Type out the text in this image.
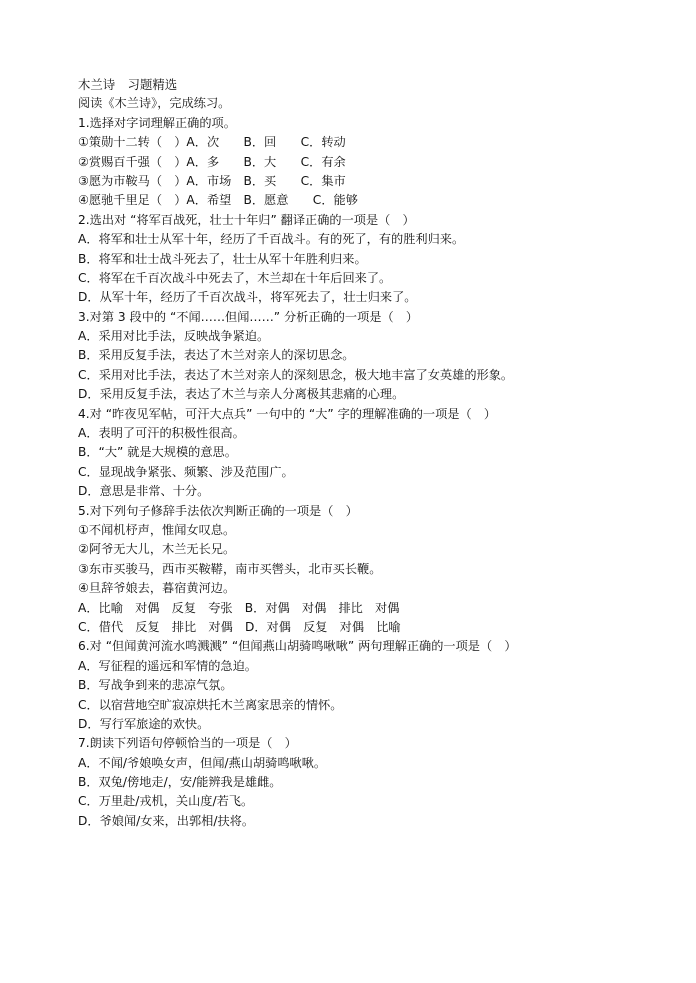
木兰诗　习题精选
阅读《木兰诗》，完成练习。
1.选择对字词理解正确的项。
①策勋十二转（　）A．次　　B．回　　C．转动
②赏赐百千强（　）A．多　　B．大　　C．有余
③愿为市鞍马（　）A．市场　B．买　　C．集市
④愿驰千里足（　）A．希望　B．愿意　　C．能够
2.选出对 “将军百战死，壮士十年归” 翻译正确的一项是（　）
A．将军和壮士从军十年，经历了千百战斗。有的死了，有的胜利归来。
B．将军和壮士战斗死去了，壮士从军十年胜利归来。
C．将军在千百次战斗中死去了，木兰却在十年后回来了。
D．从军十年，经历了千百次战斗，将军死去了，壮士归来了。
3.对第 3 段中的 “不闻……但闻……” 分析正确的一项是（　）
A．采用对比手法，反映战争紧迫。
B．采用反复手法，表达了木兰对亲人的深切思念。
C．采用对比手法，表达了木兰对亲人的深刻思念，极大地丰富了女英雄的形象。
D．采用反复手法，表达了木兰与亲人分离极其悲痛的心理。
4.对 “昨夜见军帖，可汗大点兵” 一句中的 “大” 字的理解准确的一项是（　）
A．表明了可汗的积极性很高。
B．“大” 就是大规模的意思。
C．显现战争紧张、频繁、涉及范围广。
D．意思是非常、十分。
5.对下列句子修辞手法依次判断正确的一项是（　）
①不闻机杼声，惟闻女叹息。
②阿爷无大儿，木兰无长兄。
③东市买骏马，西市买鞍鞯，南市买辔头，北市买长鞭。
④旦辞爷娘去，暮宿黄河边。
A．比喻　对偶　反复　夸张　B．对偶　对偶　排比　对偶
C．借代　反复　排比　对偶　D．对偶　反复　对偶　比喻
6.对 “但闻黄河流水鸣溅溅” “但闻燕山胡骑鸣啾啾” 两句理解正确的一项是（　）
A．写征程的遥远和军情的急迫。
B．写战争到来的悲凉气氛。
C．以宿营地空旷寂凉烘托木兰离家思亲的情怀。
D．写行军旅途的欢快。
7.朗读下列语句停顿恰当的一项是（　）
A．不闻/爷娘唤女声，但闻/燕山胡骑鸣啾啾。
B．双兔/傍地走/，安/能辨我是雄雌。
C．万里赴/戎机，关山度/若飞。
D．爷娘闻/女来，出郭相/扶将。
